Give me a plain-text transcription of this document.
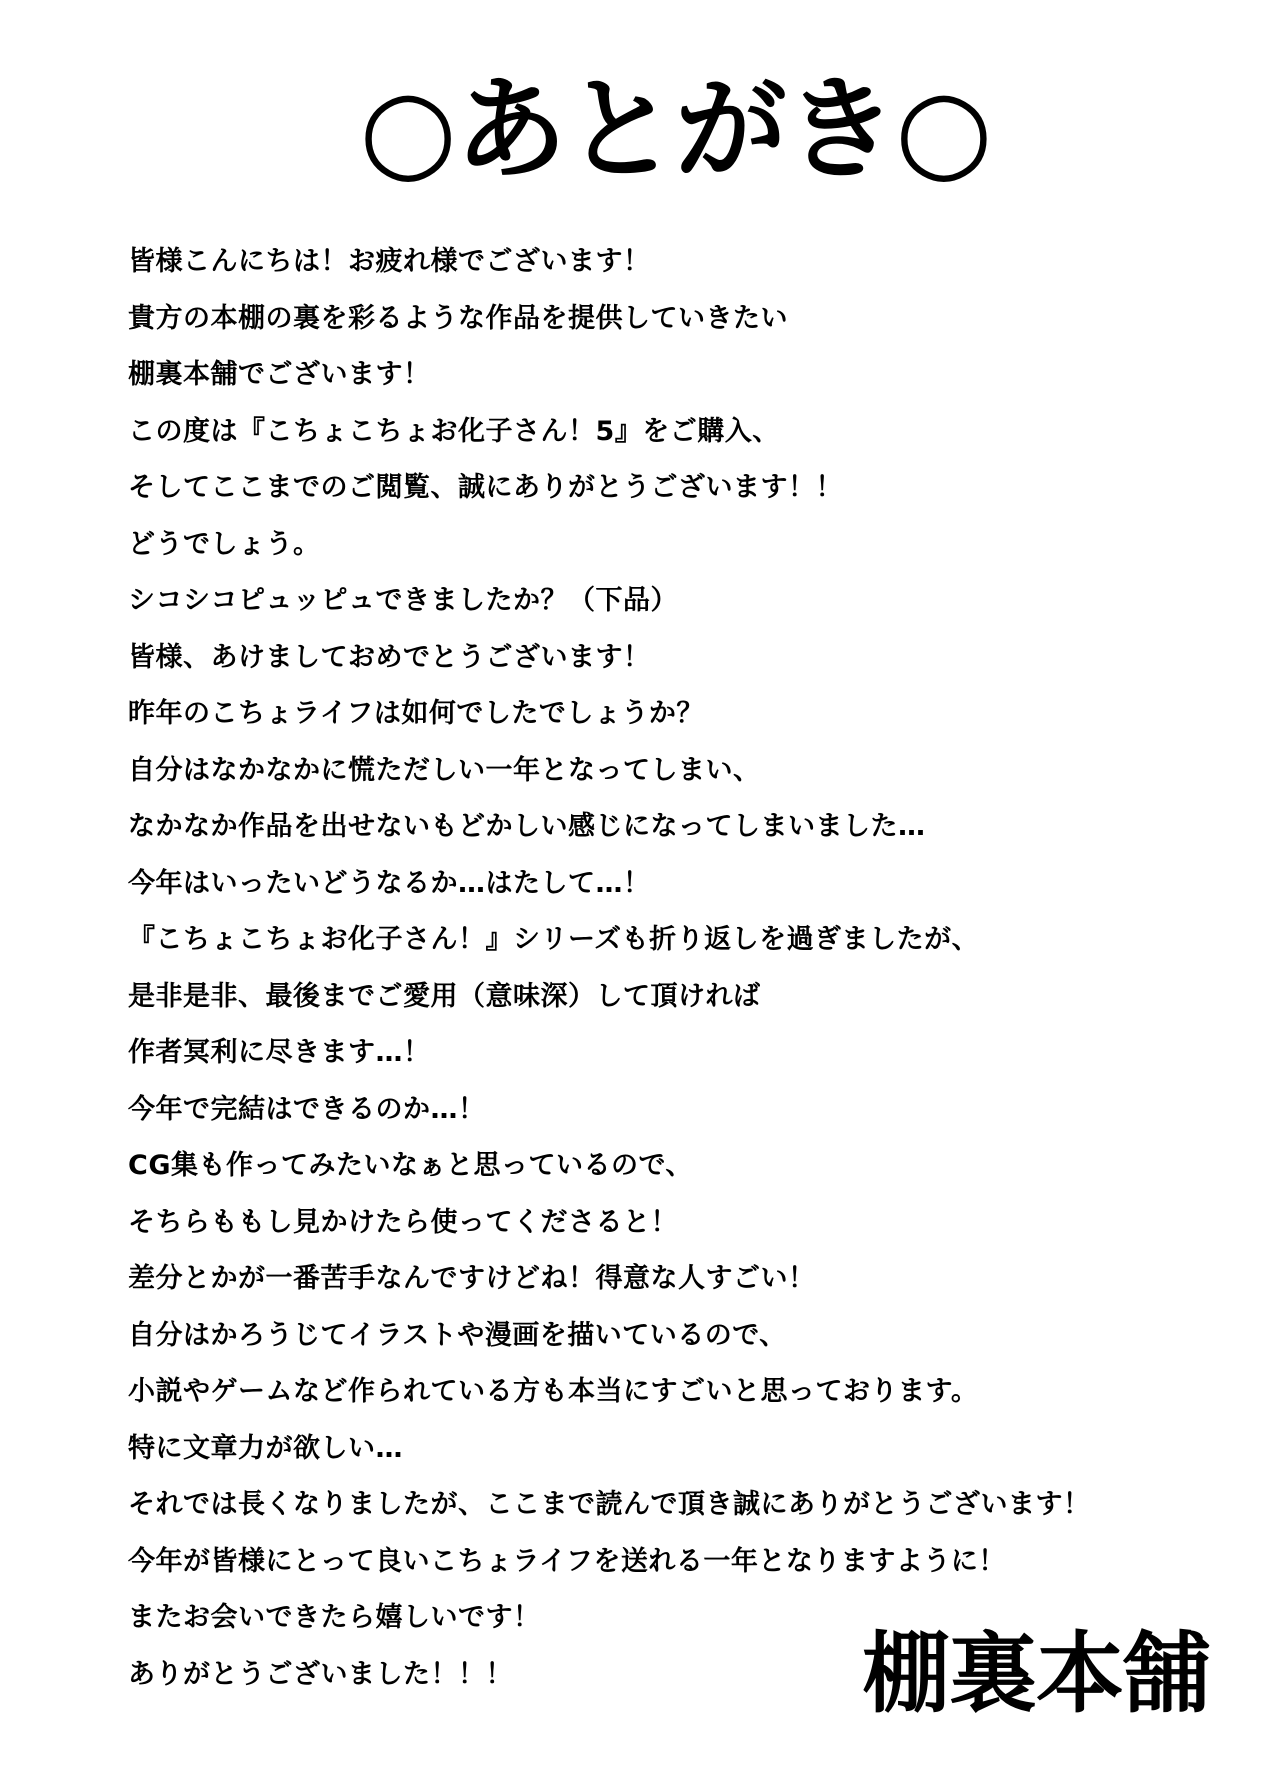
○あとがき○
皆様こんにちは！お疲れ様でございます！
貴方の本棚の裏を彩るような作品を提供していきたい
棚裏本舗でございます！
この度は『こちょこちょお化子さん！5』をご購入、
そしてここまでのご閲覧、誠にありがとうございます！！
どうでしょう。
シコシコピュッピュできましたか？（下品）
皆様、あけましておめでとうございます！
昨年のこちょライフは如何でしたでしょうか？
自分はなかなかに慌ただしい一年となってしまい、
なかなか作品を出せないもどかしい感じになってしまいました…
今年はいったいどうなるか…はたして…！
『こちょこちょお化子さん！』シリーズも折り返しを過ぎましたが、
是非是非、最後までご愛用（意味深）して頂ければ
作者冥利に尽きます…！
今年で完結はできるのか…！
CG集も作ってみたいなぁと思っているので、
そちらももし見かけたら使ってくださると！
差分とかが一番苦手なんですけどね！得意な人すごい！
自分はかろうじてイラストや漫画を描いているので、
小説やゲームなど作られている方も本当にすごいと思っております。
特に文章力が欲しい…
それでは長くなりましたが、ここまで読んで頂き誠にありがとうございます！
今年が皆様にとって良いこちょライフを送れる一年となりますように！
またお会いできたら嬉しいです！
ありがとうございました！！！	棚裏本舗
